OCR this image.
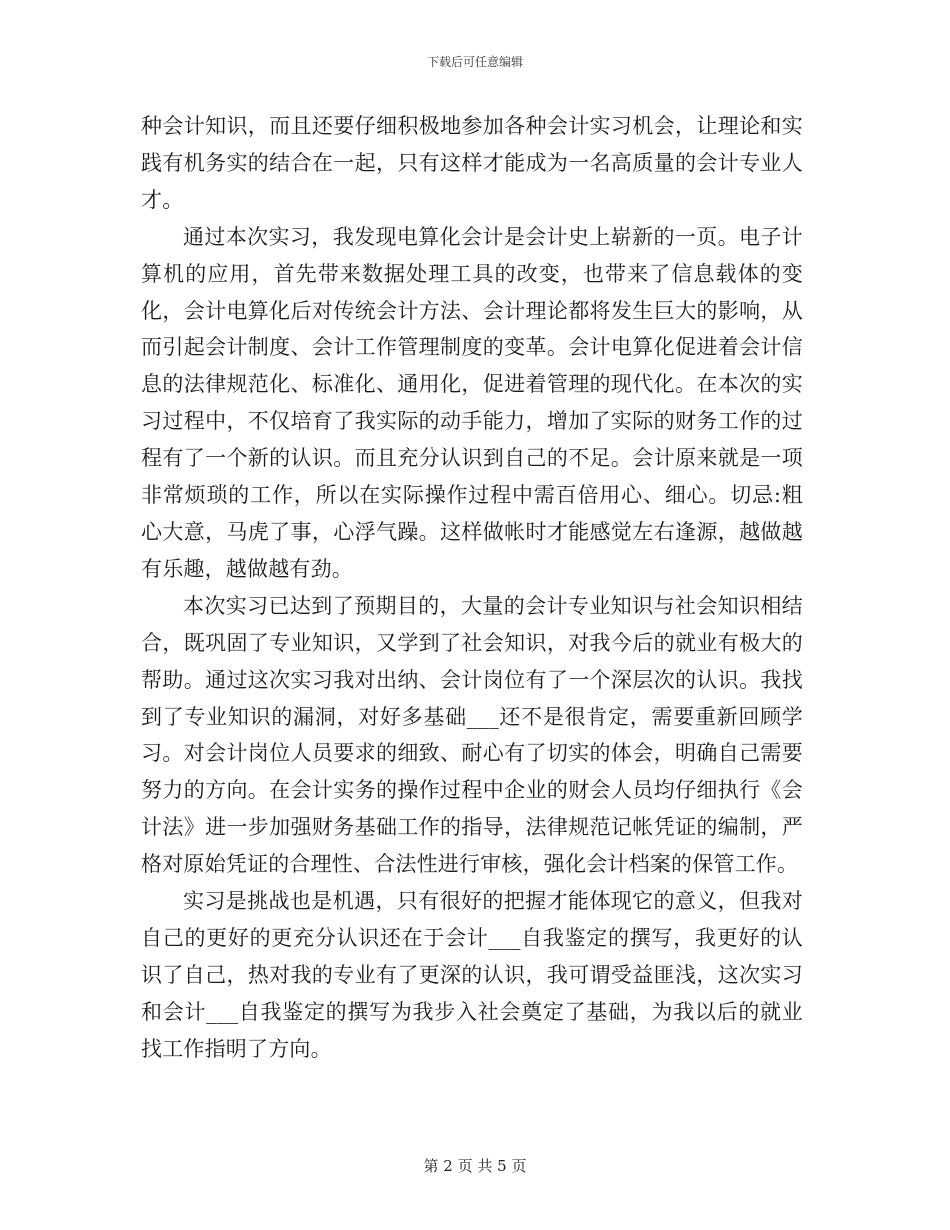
下载后可任意编辑

种会计知识，而且还要仔细积极地参加各种会计实习机会，让理论和实践有机务实的结合在一起，只有这样才能成为一名高质量的会计专业人才。

通过本次实习，我发现电算化会计是会计史上崭新的一页。电子计算机的应用，首先带来数据处理工具的改变，也带来了信息载体的变化，会计电算化后对传统会计方法、会计理论都将发生巨大的影响，从而引起会计制度、会计工作管理制度的变革。会计电算化促进着会计信息的法律规范化、标准化、通用化，促进着管理的现代化。在本次的实习过程中，不仅培育了我实际的动手能力，增加了实际的财务工作的过程有了一个新的认识。而且充分认识到自己的不足。会计原来就是一项非常烦琐的工作，所以在实际操作过程中需百倍用心、细心。切忌:粗心大意，马虎了事，心浮气躁。这样做帐时才能感觉左右逢源，越做越有乐趣，越做越有劲。

本次实习已达到了预期目的，大量的会计专业知识与社会知识相结合，既巩固了专业知识，又学到了社会知识，对我今后的就业有极大的帮助。通过这次实习我对出纳、会计岗位有了一个深层次的认识。我找到了专业知识的漏洞，对好多基础___还不是很肯定，需要重新回顾学习。对会计岗位人员要求的细致、耐心有了切实的体会，明确自己需要努力的方向。在会计实务的操作过程中企业的财会人员均仔细执行《会计法》进一步加强财务基础工作的指导，法律规范记帐凭证的编制，严格对原始凭证的合理性、合法性进行审核，强化会计档案的保管工作。

实习是挑战也是机遇，只有很好的把握才能体现它的意义，但我对自己的更好的更充分认识还在于会计___自我鉴定的撰写，我更好的认识了自己，热对我的专业有了更深的认识，我可谓受益匪浅，这次实习和会计___自我鉴定的撰写为我步入社会奠定了基础，为我以后的就业找工作指明了方向。

第 2 页 共 5 页
